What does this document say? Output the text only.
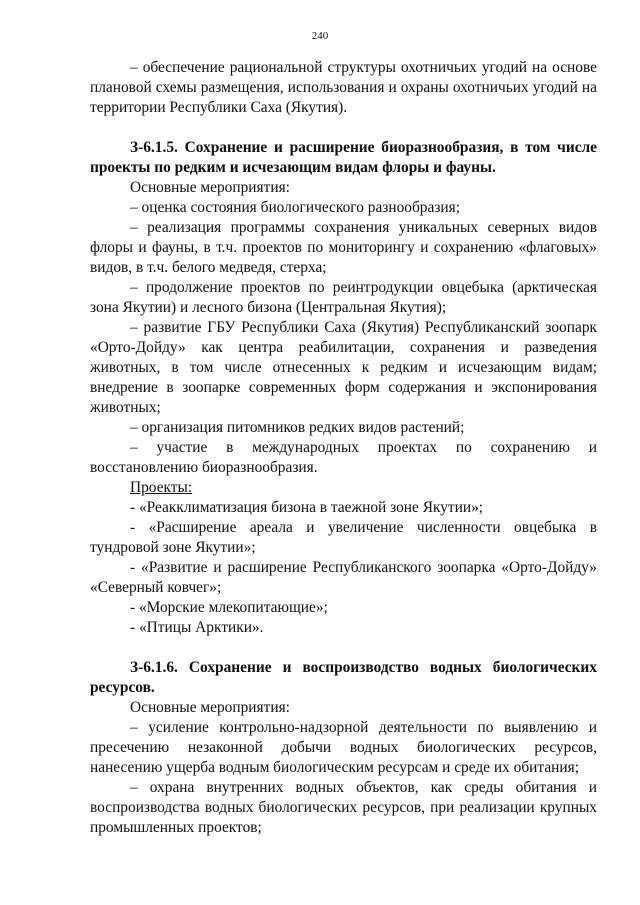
240

– обеспечение рациональной структуры охотничьих угодий на основе плановой схемы размещения, использования и охраны охотничьих угодий на территории Республики Саха (Якутия).

З-6.1.5. Сохранение и расширение биоразнообразия, в том числе проекты по редким и исчезающим видам флоры и фауны.

Основные мероприятия:

– оценка состояния биологического разнообразия;

– реализация программы сохранения уникальных северных видов флоры и фауны, в т.ч. проектов по мониторингу и сохранению «флаговых» видов, в т.ч. белого медведя, стерха;

– продолжение проектов по реинтродукции овцебыка (арктическая зона Якутии) и лесного бизона (Центральная Якутия);

– развитие ГБУ Республики Саха (Якутия) Республиканский зоопарк «Орто-Дойду» как центра реабилитации, сохранения и разведения животных, в том числе отнесенных к редким и исчезающим видам; внедрение в зоопарке современных форм содержания и экспонирования животных;

– организация питомников редких видов растений;

– участие в международных проектах по сохранению и восстановлению биоразнообразия.

Проекты:

- «Реакклиматизация бизона в таежной зоне Якутии»;

- «Расширение ареала и увеличение численности овцебыка в тундровой зоне Якутии»;

- «Развитие и расширение Республиканского зоопарка «Орто-Дойду» «Северный ковчег»;

- «Морские млекопитающие»;

- «Птицы Арктики».

З-6.1.6. Сохранение и воспроизводство водных биологических ресурсов.

Основные мероприятия:

– усиление контрольно-надзорной деятельности по выявлению и пресечению незаконной добычи водных биологических ресурсов, нанесению ущерба водным биологическим ресурсам и среде их обитания;

– охрана внутренних водных объектов, как среды обитания и воспроизводства водных биологических ресурсов, при реализации крупных промышленных проектов;
